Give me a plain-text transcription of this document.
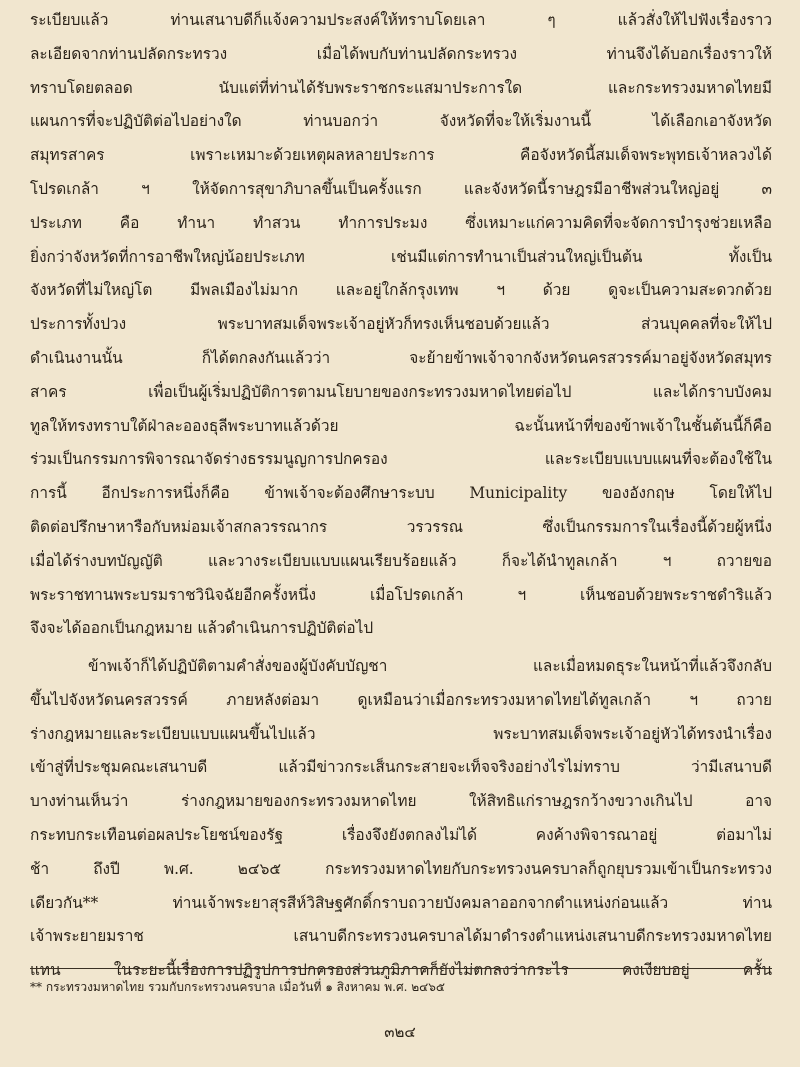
ระเบียบแล้ว ท่านเสนาบดีก็แจ้งความประสงค์ให้ทราบโดยเลา ๆ แล้วสั่งให้ไปฟังเรื่องราว
ละเอียดจากท่านปลัดกระทรวง เมื่อได้พบกับท่านปลัดกระทรวง ท่านจึงได้บอกเรื่องราวให้
ทราบโดยตลอด นับแต่ที่ท่านได้รับพระราชกระแสมาประการใด และกระทรวงมหาดไทยมี
แผนการที่จะปฏิบัติต่อไปอย่างใด ท่านบอกว่า จังหวัดที่จะให้เริ่มงานนี้ ได้เลือกเอาจังหวัด
สมุทรสาคร เพราะเหมาะด้วยเหตุผลหลายประการ คือจังหวัดนี้สมเด็จพระพุทธเจ้าหลวงได้
โปรดเกล้า ฯ ให้จัดการสุขาภิบาลขึ้นเป็นครั้งแรก และจังหวัดนี้ราษฎรมีอาชีพส่วนใหญ่อยู่ ๓
ประเภท คือ ทำนา ทำสวน ทำการประมง ซึ่งเหมาะแก่ความคิดที่จะจัดการบำรุงช่วยเหลือ
ยิ่งกว่าจังหวัดที่การอาชีพใหญ่น้อยประเภท เช่นมีแต่การทำนาเป็นส่วนใหญ่เป็นต้น ทั้งเป็น
จังหวัดที่ไม่ใหญ่โต มีพลเมืองไม่มาก และอยู่ใกล้กรุงเทพ ฯ ด้วย ดูจะเป็นความสะดวกด้วย
ประการทั้งปวง พระบาทสมเด็จพระเจ้าอยู่หัวก็ทรงเห็นชอบด้วยแล้ว ส่วนบุคคลที่จะให้ไป
ดำเนินงานนั้น ก็ได้ตกลงกันแล้วว่า จะย้ายข้าพเจ้าจากจังหวัดนครสวรรค์มาอยู่จังหวัดสมุทร
สาคร เพื่อเป็นผู้เริ่มปฏิบัติการตามนโยบายของกระทรวงมหาดไทยต่อไป และได้กราบบังคม
ทูลให้ทรงทราบใต้ฝ่าละอองธุลีพระบาทแล้วด้วย ฉะนั้นหน้าที่ของข้าพเจ้าในชั้นต้นนี้ก็คือ
ร่วมเป็นกรรมการพิจารณาจัดร่างธรรมนูญการปกครอง และระเบียบแบบแผนที่จะต้องใช้ใน
การนี้ อีกประการหนึ่งก็คือ ข้าพเจ้าจะต้องศึกษาระบบ Municipality ของอังกฤษ โดยให้ไป
ติดต่อปรึกษาหารือกับหม่อมเจ้าสกลวรรณากร วรวรรณ ซึ่งเป็นกรรมการในเรื่องนี้ด้วยผู้หนึ่ง
เมื่อได้ร่างบทบัญญัติ และวางระเบียบแบบแผนเรียบร้อยแล้ว ก็จะได้นำทูลเกล้า ฯ ถวายขอ
พระราชทานพระบรมราชวินิจฉัยอีกครั้งหนึ่ง เมื่อโปรดเกล้า ฯ เห็นชอบด้วยพระราชดำริแล้ว
จึงจะได้ออกเป็นกฎหมาย แล้วดำเนินการปฏิบัติต่อไป
ข้าพเจ้าก็ได้ปฏิบัติตามคำสั่งของผู้บังคับบัญชา และเมื่อหมดธุระในหน้าที่แล้วจึงกลับ
ขึ้นไปจังหวัดนครสวรรค์ ภายหลังต่อมา ดูเหมือนว่าเมื่อกระทรวงมหาดไทยได้ทูลเกล้า ฯ ถวาย
ร่างกฎหมายและระเบียบแบบแผนขึ้นไปแล้ว พระบาทสมเด็จพระเจ้าอยู่หัวได้ทรงนำเรื่อง
เข้าสู่ที่ประชุมคณะเสนาบดี แล้วมีข่าวกระเส็นกระสายจะเท็จจริงอย่างไรไม่ทราบ ว่ามีเสนาบดี
บางท่านเห็นว่า ร่างกฎหมายของกระทรวงมหาดไทย ให้สิทธิแก่ราษฎรกว้างขวางเกินไป อาจ
กระทบกระเทือนต่อผลประโยชน์ของรัฐ เรื่องจึงยังตกลงไม่ได้ คงค้างพิจารณาอยู่ ต่อมาไม่
ช้า ถึงปี พ.ศ. ๒๔๖๕ กระทรวงมหาดไทยกับกระทรวงนครบาลก็ถูกยุบรวมเข้าเป็นกระทรวง
เดียวกัน** ท่านเจ้าพระยาสุรสีห์วิสิษฐศักดิ์กราบถวายบังคมลาออกจากตำแหน่งก่อนแล้ว ท่าน
เจ้าพระยายมราช เสนาบดีกระทรวงนครบาลได้มาดำรงตำแหน่งเสนาบดีกระทรวงมหาดไทย
แทน ในระยะนี้เรื่องการปฏิรูปการปกครองส่วนภูมิภาคก็ยังไม่ตกลงว่ากระไร คงเงียบอยู่ ครั้น

** กระทรวงมหาดไทย รวมกับกระทรวงนครบาล เมื่อวันที่ ๑ สิงหาคม พ.ศ. ๒๔๖๕

๓๒๔
